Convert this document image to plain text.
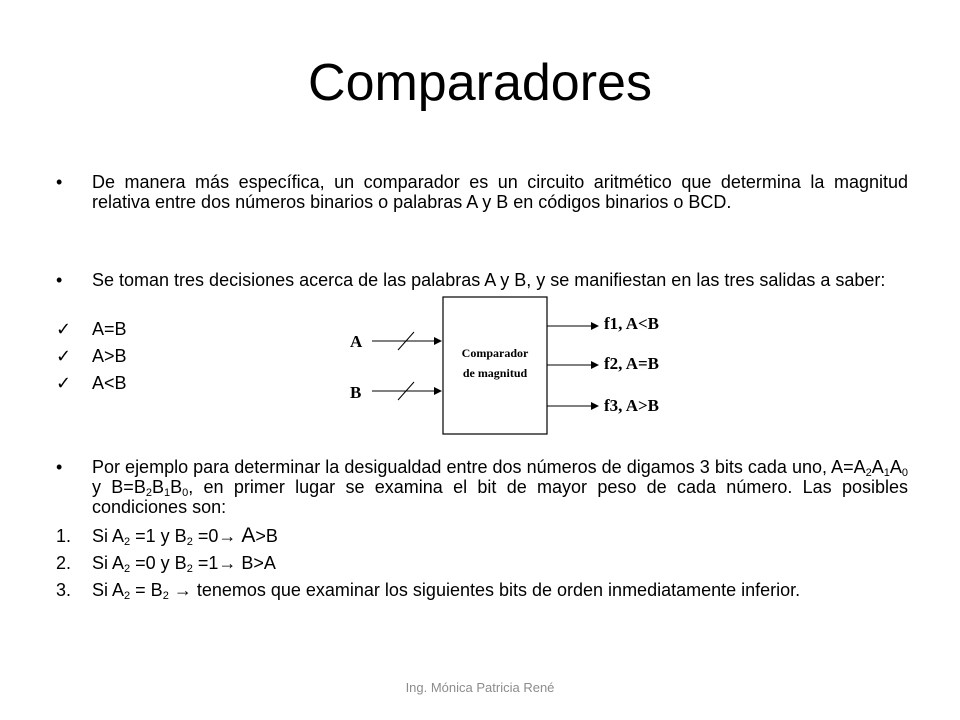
Comparadores
• De manera más específica, un comparador es un circuito aritmético que determina la magnitud relativa entre dos números binarios o palabras A y B en códigos binarios o BCD.
• Se toman tres decisiones acerca de las palabras A y B, y se manifiestan en las tres salidas a saber:
✓ A=B
✓ A>B
✓ A<B
Comparador
de magnitud
A
B
f1, A<B
f2, A=B
f3, A>B
• Por ejemplo para determinar la desigualdad entre dos números de digamos 3 bits cada uno, $A=A_2A_1A_0$ y $B=B_2B_1B_0$, en primer lugar se examina el bit de mayor peso de cada número. Las posibles condiciones son:
1. Si $A_2 =1$ y $B_2 =0\to A>B$
2. Si $A_2 =0$ y $B_2 =1\to B>A$
3. Si $A_2 = B_2$ → tenemos que examinar los siguientes bits de orden inmediatamente inferior.
Ing. Mónica Patricia René
